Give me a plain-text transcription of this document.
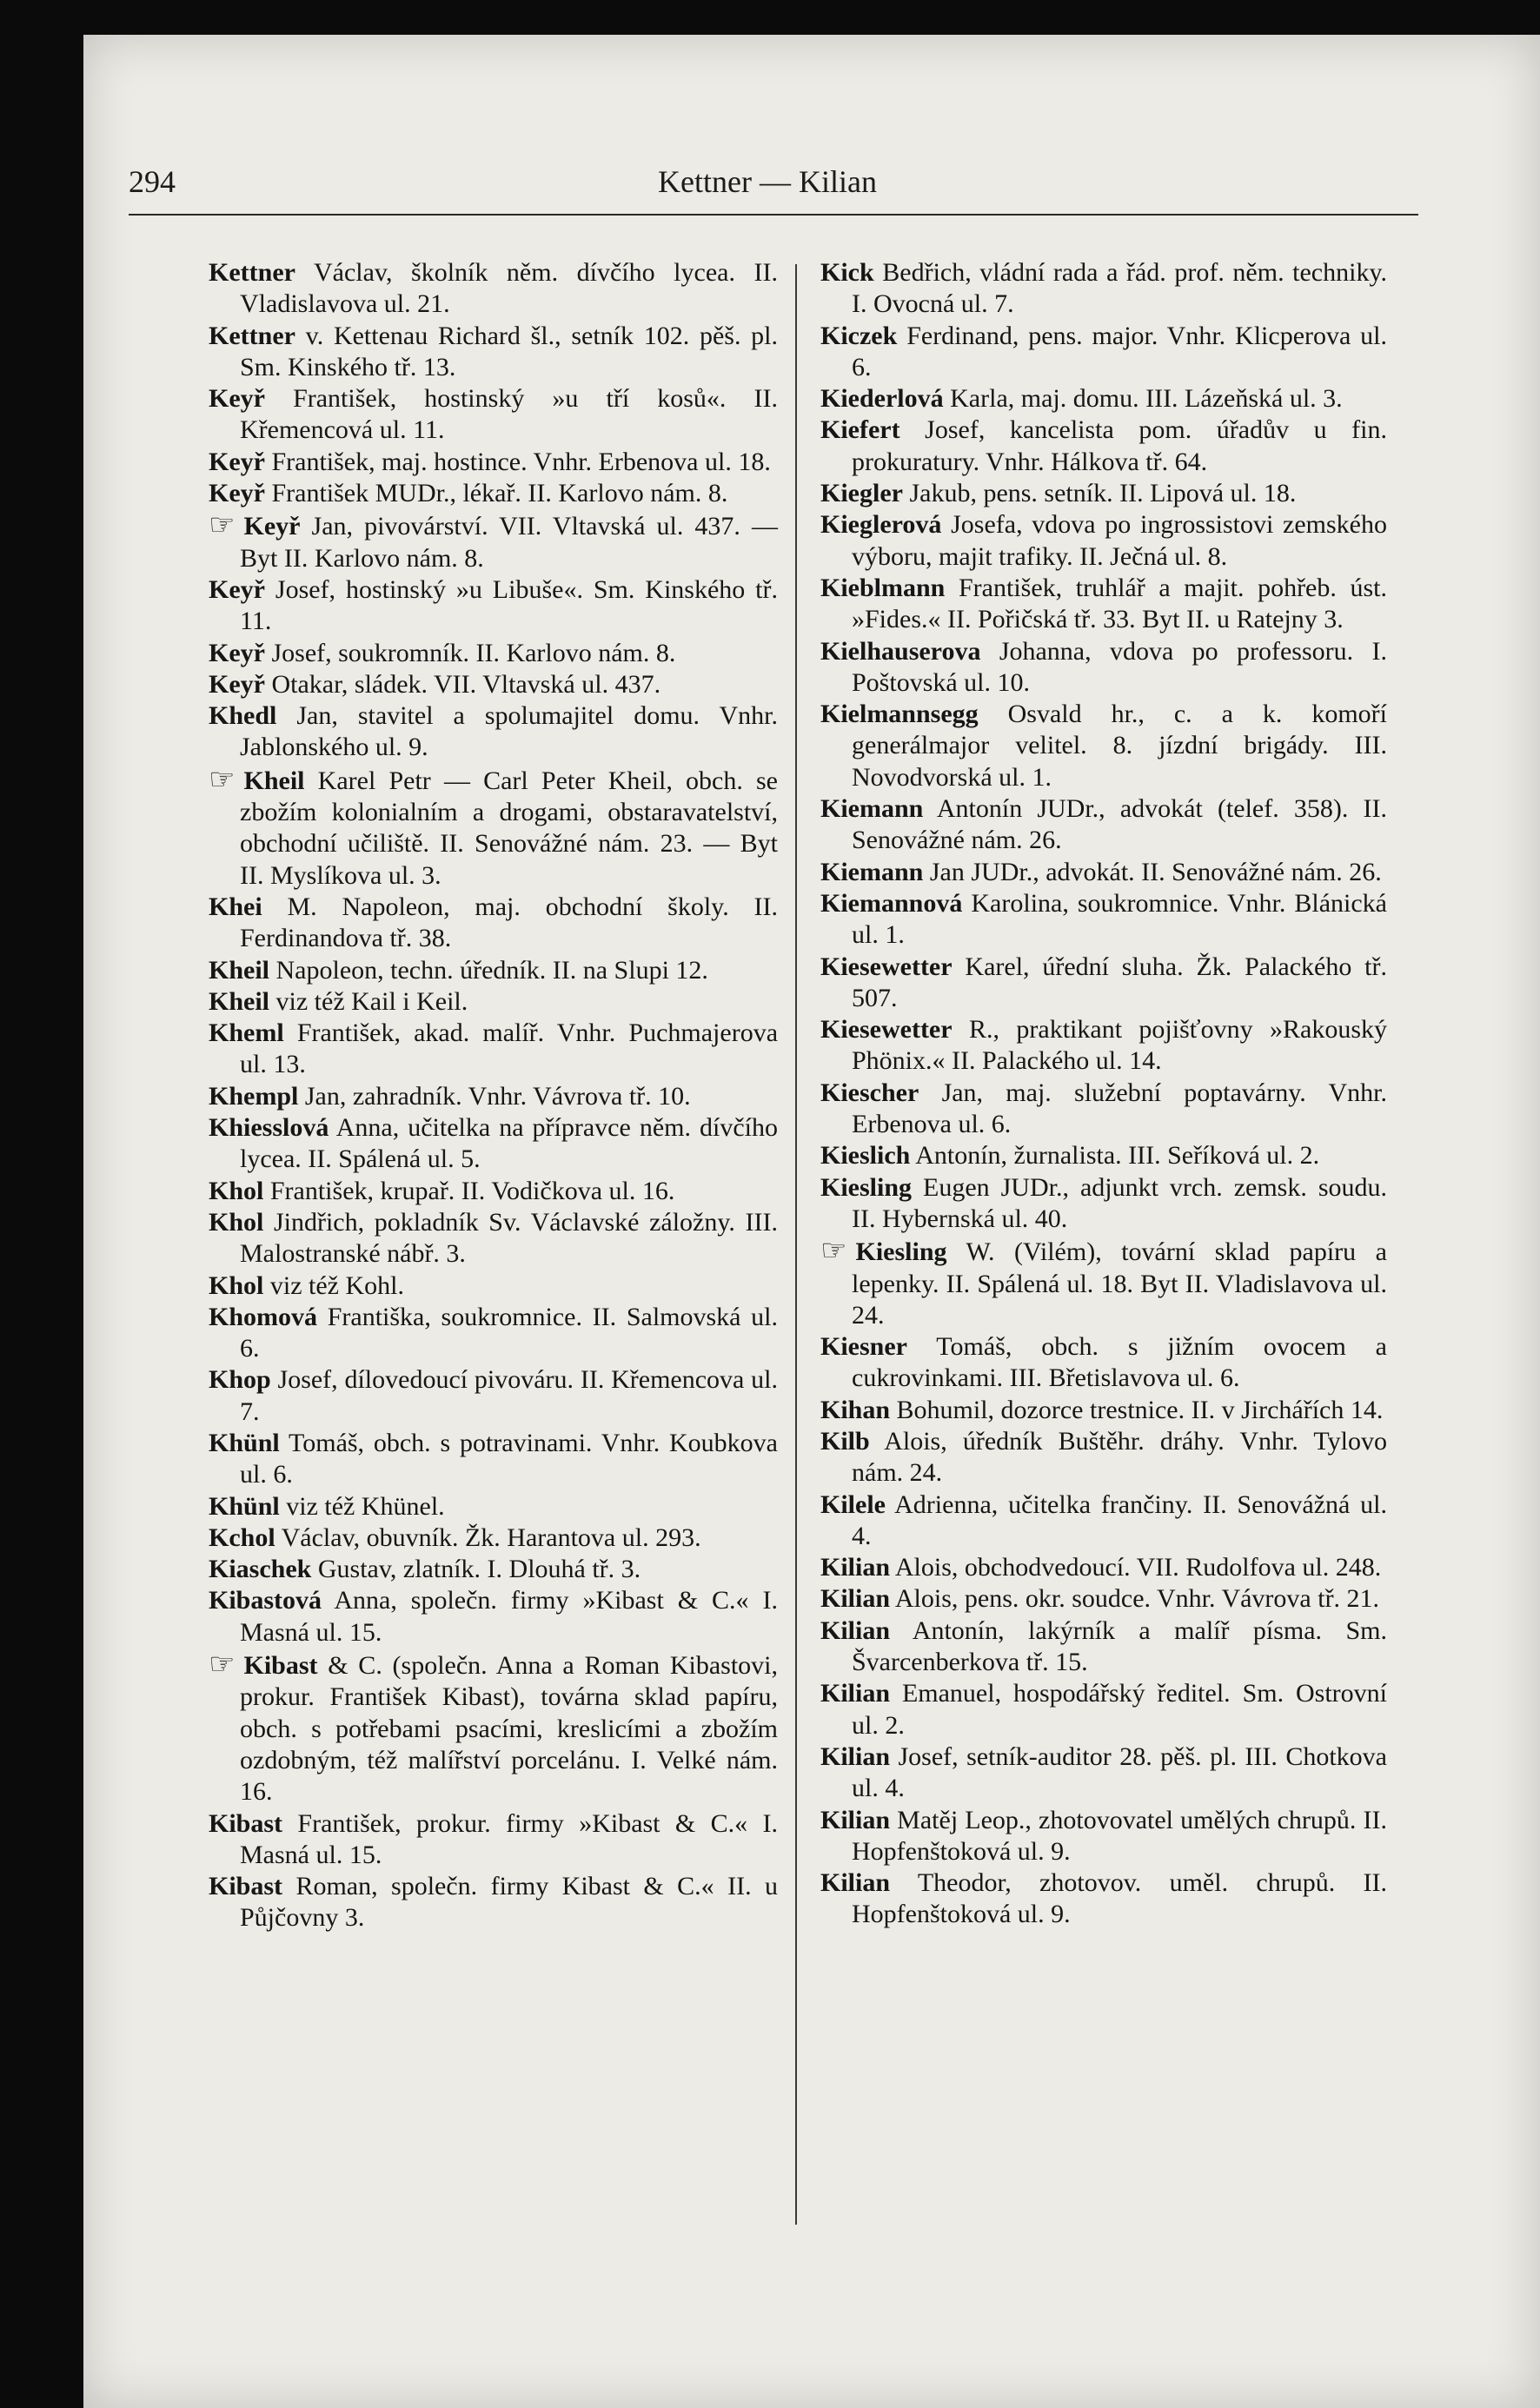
294	Kettner — Kilian

Kettner Václav, školník něm. dívčího lycea. II. Vladislavova ul. 21.

Kettner v. Kettenau Richard šl., setník 102. pěš. pl. Sm. Kinského tř. 13.

Keyř František, hostinský »u tří kosů«. II. Křemencová ul. 11.

Keyř František, maj. hostince. Vnhr. Erbenova ul. 18.

Keyř František MUDr., lékař. II. Karlovo nám. 8.

☞ Keyř Jan, pivovárství. VII. Vltavská ul. 437. — Byt II. Karlovo nám. 8.

Keyř Josef, hostinský »u Libuše«. Sm. Kinského tř. 11.

Keyř Josef, soukromník. II. Karlovo nám. 8.

Keyř Otakar, sládek. VII. Vltavská ul. 437.

Khedl Jan, stavitel a spolumajitel domu. Vnhr. Jablonského ul. 9.

☞ Kheil Karel Petr — Carl Peter Kheil, obch. se zbožím kolonialním a drogami, obstaravatelství, obchodní učiliště. II. Senovážné nám. 23. — Byt II. Myslíkova ul. 3.

Khei M. Napoleon, maj. obchodní školy. II. Ferdinandova tř. 38.

Kheil Napoleon, techn. úředník. II. na Slupi 12.

Kheil viz též Kail i Keil.

Kheml František, akad. malíř. Vnhr. Puchmajerova ul. 13.

Khempl Jan, zahradník. Vnhr. Vávrova tř. 10.

Khiesslová Anna, učitelka na přípravce něm. dívčího lycea. II. Spálená ul. 5.

Khol František, krupař. II. Vodičkova ul. 16.

Khol Jindřich, pokladník Sv. Václavské záložny. III. Malostranské nábř. 3.

Khol viz též Kohl.

Khomová Františka, soukromnice. II. Salmovská ul. 6.

Khop Josef, dílovedoucí pivováru. II. Křemencova ul. 7.

Khünl Tomáš, obch. s potravinami. Vnhr. Koubkova ul. 6.

Khünl viz též Khünel.

Kchol Václav, obuvník. Žk. Harantova ul. 293.

Kiaschek Gustav, zlatník. I. Dlouhá tř. 3.

Kibastová Anna, společn. firmy »Kibast & C.« I. Masná ul. 15.

☞ Kibast & C. (společn. Anna a Roman Kibastovi, prokur. František Kibast), továrna sklad papíru, obch. s potřebami psacími, kreslicími a zbožím ozdobným, též malířství porcelánu. I. Velké nám. 16.

Kibast František, prokur. firmy »Kibast & C.« I. Masná ul. 15.

Kibast Roman, společn. firmy Kibast & C.« II. u Půjčovny 3.

Kick Bedřich, vládní rada a řád. prof. něm. techniky. I. Ovocná ul. 7.

Kiczek Ferdinand, pens. major. Vnhr. Klicperova ul. 6.

Kiederlová Karla, maj. domu. III. Lázeňská ul. 3.

Kiefert Josef, kancelista pom. úřadův u fin. prokuratury. Vnhr. Hálkova tř. 64.

Kiegler Jakub, pens. setník. II. Lipová ul. 18.

Kieglerová Josefa, vdova po ingrossistovi zemského výboru, majit trafiky. II. Ječná ul. 8.

Kieblmann František, truhlář a majit. pohřeb. úst. »Fides.« II. Pořičská tř. 33. Byt II. u Ratejny 3.

Kielhauserova Johanna, vdova po professoru. I. Poštovská ul. 10.

Kielmannsegg Osvald hr., c. a k. komoří generálmajor velitel. 8. jízdní brigády. III. Novodvorská ul. 1.

Kiemann Antonín JUDr., advokát (telef. 358). II. Senovážné nám. 26.

Kiemann Jan JUDr., advokát. II. Senovážné nám. 26.

Kiemannová Karolina, soukromnice. Vnhr. Blánická ul. 1.

Kiesewetter Karel, úřední sluha. Žk. Palackého tř. 507.

Kiesewetter R., praktikant pojišťovny »Rakouský Phönix.« II. Palackého ul. 14.

Kiescher Jan, maj. služební poptavárny. Vnhr. Erbenova ul. 6.

Kieslich Antonín, žurnalista. III. Seříková ul. 2.

Kiesling Eugen JUDr., adjunkt vrch. zemsk. soudu. II. Hybernská ul. 40.

☞ Kiesling W. (Vilém), tovární sklad papíru a lepenky. II. Spálená ul. 18. Byt II. Vladislavova ul. 24.

Kiesner Tomáš, obch. s jižním ovocem a cukrovinkami. III. Břetislavova ul. 6.

Kihan Bohumil, dozorce trestnice. II. v Jirchářích 14.

Kilb Alois, úředník Buštěhr. dráhy. Vnhr. Tylovo nám. 24.

Kilele Adrienna, učitelka frančiny. II. Senovážná ul. 4.

Kilian Alois, obchodvedoucí. VII. Rudolfova ul. 248.

Kilian Alois, pens. okr. soudce. Vnhr. Vávrova tř. 21.

Kilian Antonín, lakýrník a malíř písma. Sm. Švarcenberkova tř. 15.

Kilian Emanuel, hospodářský ředitel. Sm. Ostrovní ul. 2.

Kilian Josef, setník-auditor 28. pěš. pl. III. Chotkova ul. 4.

Kilian Matěj Leop., zhotovovatel umělých chrupů. II. Hopfenštoková ul. 9.

Kilian Theodor, zhotovov. uměl. chrupů. II. Hopfenštoková ul. 9.
